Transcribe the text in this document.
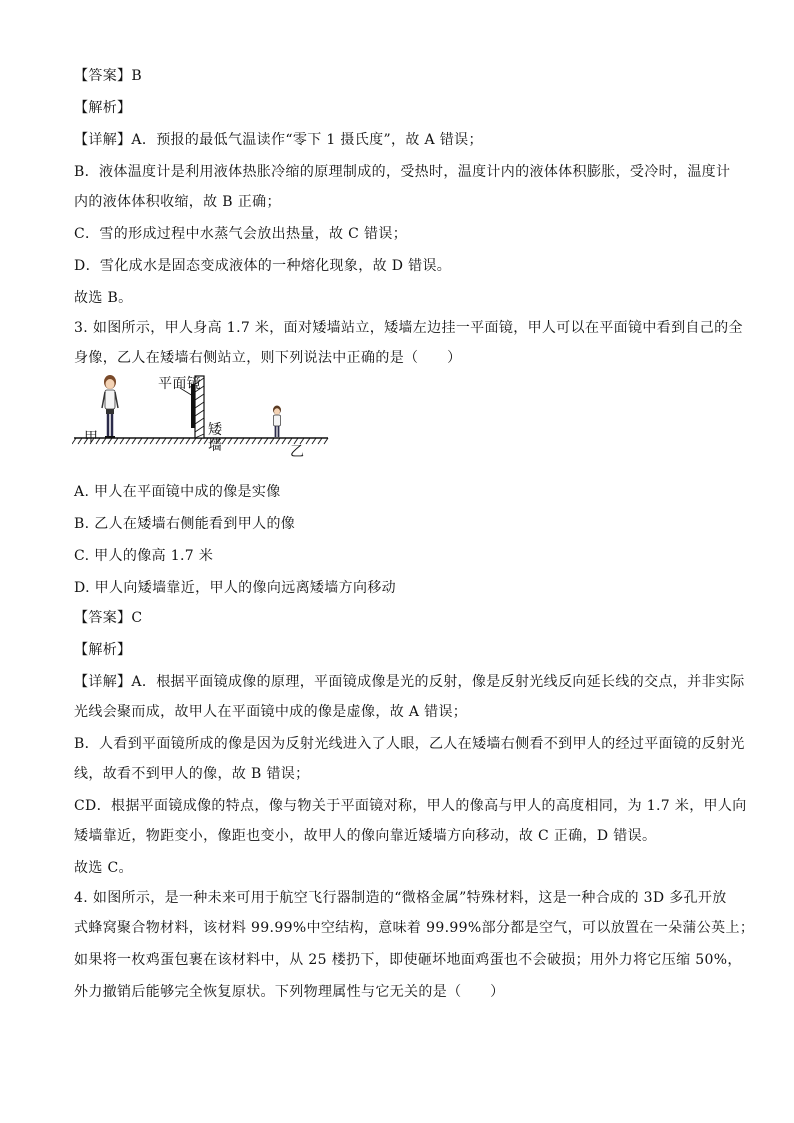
【答案】B
【解析】
【详解】A．预报的最低气温读作“零下 1 摄氏度”，故 A 错误；
B．液体温度计是利用液体热胀冷缩的原理制成的，受热时，温度计内的液体体积膨胀，受冷时，温度计
内的液体体积收缩，故 B 正确；
C．雪的形成过程中水蒸气会放出热量，故 C 错误；
D．雪化成水是固态变成液体的一种熔化现象，故 D 错误。
故选 B。
3. 如图所示，甲人身高 1.7 米，面对矮墙站立，矮墙左边挂一平面镜，甲人可以在平面镜中看到自己的全
身像，乙人在矮墙右侧站立，则下列说法中正确的是（　　）
平面镜
甲	矮
墙	乙
A. 甲人在平面镜中成的像是实像
B. 乙人在矮墙右侧能看到甲人的像
C. 甲人的像高 1.7 米
D. 甲人向矮墙靠近，甲人的像向远离矮墙方向移动
【答案】C
【解析】
【详解】A．根据平面镜成像的原理，平面镜成像是光的反射，像是反射光线反向延长线的交点，并非实际
光线会聚而成，故甲人在平面镜中成的像是虚像，故 A 错误；
B．人看到平面镜所成的像是因为反射光线进入了人眼，乙人在矮墙右侧看不到甲人的经过平面镜的反射光
线，故看不到甲人的像，故 B 错误；
CD．根据平面镜成像的特点，像与物关于平面镜对称，甲人的像高与甲人的高度相同，为 1.7 米，甲人向
矮墙靠近，物距变小，像距也变小，故甲人的像向靠近矮墙方向移动，故 C 正确，D 错误。
故选 C。
4. 如图所示，是一种未来可用于航空飞行器制造的“微格金属”特殊材料，这是一种合成的 3D 多孔开放
式蜂窝聚合物材料，该材料 99.99%中空结构，意味着 99.99%部分都是空气，可以放置在一朵蒲公英上；
如果将一枚鸡蛋包裹在该材料中，从 25 楼扔下，即使砸坏地面鸡蛋也不会破损；用外力将它压缩 50%，
外力撤销后能够完全恢复原状。下列物理属性与它无关的是（　　）
